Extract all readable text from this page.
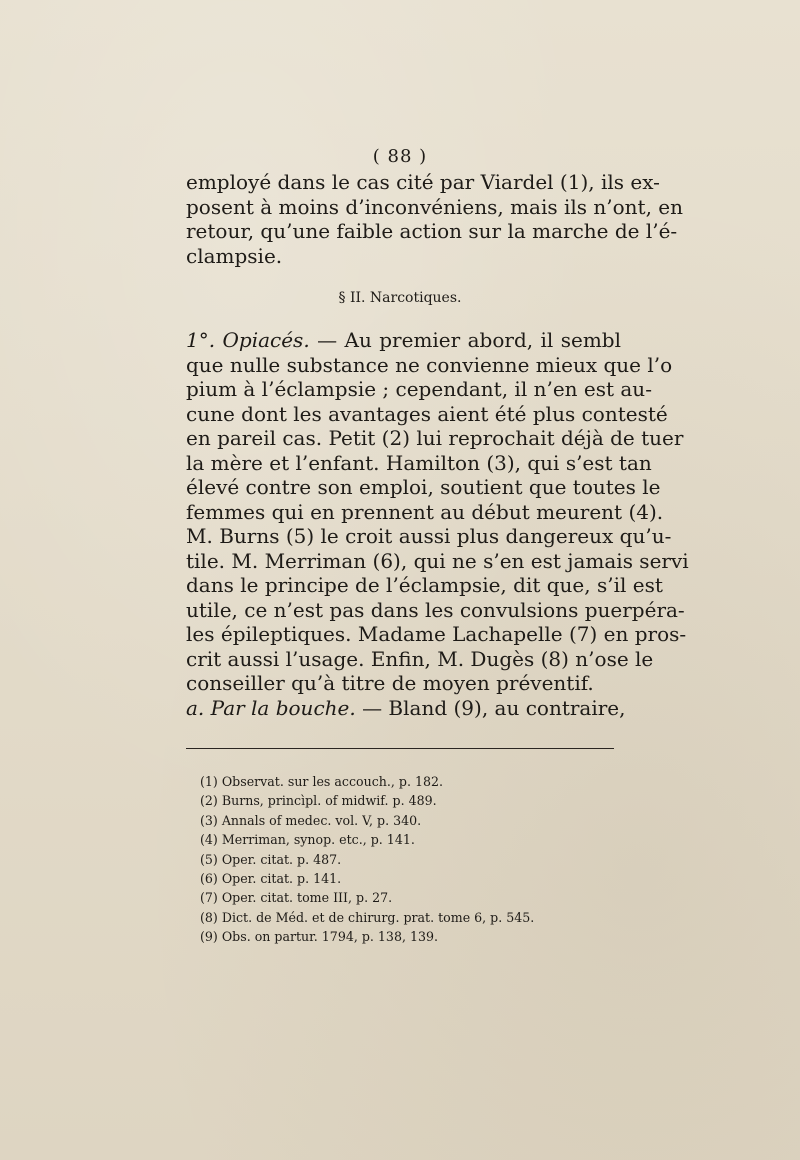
( 88 )
employé dans le cas cité par Viardel (1), ils ex-
posent à moins d’inconvéniens, mais ils n’ont, en
retour, qu’une faible action sur la marche de l’é-
clampsie.
§ II. Narcotiques.
1°. Opiacés. — Au premier abord, il sembl
que nulle substance ne convienne mieux que l’o
pium à l’éclampsie ; cependant, il n’en est au-
cune dont les avantages aient été plus contesté
en pareil cas. Petit (2) lui reprochait déjà de tuer
la mère et l’enfant. Hamilton (3), qui s’est tan
élevé contre son emploi, soutient que toutes le
femmes qui en prennent au début meurent (4).
M. Burns (5) le croit aussi plus dangereux qu’u-
tile. M. Merriman (6), qui ne s’en est jamais servi
dans le principe de l’éclampsie, dit que, s’il est
utile, ce n’est pas dans les convulsions puerpéra-
les épileptiques. Madame Lachapelle (7) en pros-
crit aussi l’usage. Enfin, M. Dugès (8) n’ose le
conseiller qu’à titre de moyen préventif.
a. Par la bouche. — Bland (9), au contraire,
(1) Observat. sur les accouch., p. 182.
(2) Burns, princìpl. of midwif. p. 489.
(3) Annals of medec. vol. V, p. 340.
(4) Merriman, synop. etc., p. 141.
(5) Oper. citat. p. 487.
(6) Oper. citat. p. 141.
(7) Oper. citat. tome III, p. 27.
(8) Dict. de Méd. et de chirurg. prat. tome 6, p. 545.
(9) Obs. on partur. 1794, p. 138, 139.
